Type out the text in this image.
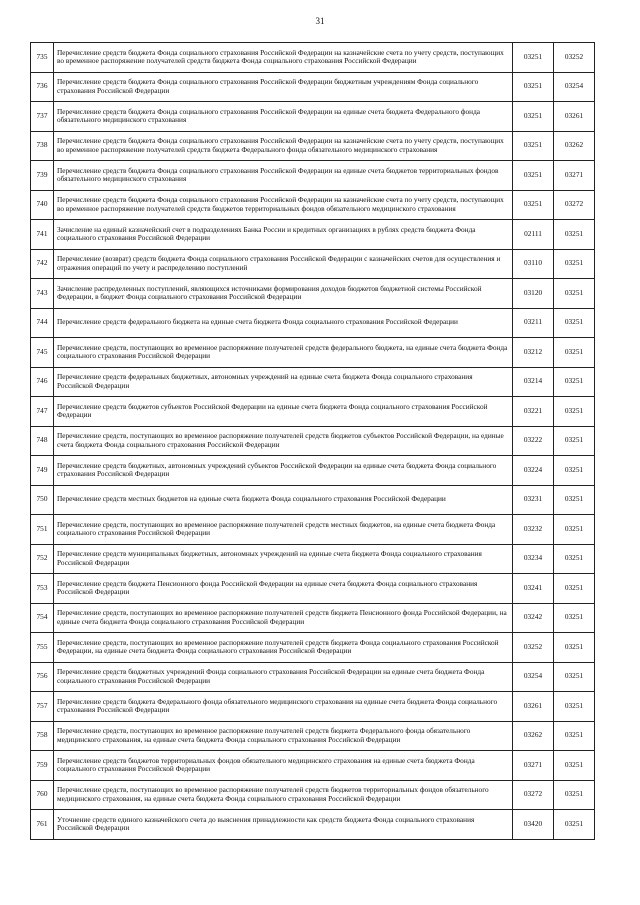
31
735	Перечисление средств бюджета Фонда социального страхования Российской Федерации на казначейские счета по учету средств, поступающих во временное распоряжение получателей средств бюджета Фонда социального страхования Российской Федерации	03251	03252
736	Перечисление средств бюджета Фонда социального страхования Российской Федерации бюджетным учреждениям Фонда социального страхования Российской Федерации	03251	03254
737	Перечисление средств бюджета Фонда социального страхования Российской Федерации на единые счета бюджета Федерального фонда обязательного медицинского страхования	03251	03261
738	Перечисление средств бюджета Фонда социального страхования Российской Федерации на казначейские счета по учету средств, поступающих во временное распоряжение получателей средств бюджета Федерального фонда обязательного медицинского страхования	03251	03262
739	Перечисление средств бюджета Фонда социального страхования Российской Федерации на единые счета бюджетов территориальных фондов обязательного медицинского страхования	03251	03271
740	Перечисление средств бюджета Фонда социального страхования Российской Федерации на казначейские счета по учету средств, поступающих во временное распоряжение получателей средств бюджетов территориальных фондов обязательного медицинского страхования	03251	03272
741	Зачисление на единый казначейский счет в подразделениях Банка России и кредитных организациях в рублях средств бюджета Фонда социального страхования Российской Федерации	02111	03251
742	Перечисление (возврат) средств бюджета Фонда социального страхования Российской Федерации с казначейских счетов для осуществления и отражения операций по учету и распределению поступлений	03110	03251
743	Зачисление распределенных поступлений, являющихся источниками формирования доходов бюджетов бюджетной системы Российской Федерации, в бюджет Фонда социального страхования Российской Федерации	03120	03251
744	Перечисление средств федерального бюджета на единые счета бюджета Фонда социального страхования Российской Федерации	03211	03251
745	Перечисление средств, поступающих во временное распоряжение получателей средств федерального бюджета, на единые счета бюджета Фонда социального страхования Российской Федерации	03212	03251
746	Перечисление средств федеральных бюджетных, автономных учреждений на единые счета бюджета Фонда социального страхования Российской Федерации	03214	03251
747	Перечисление средств бюджетов субъектов Российской Федерации на единые счета бюджета Фонда социального страхования Российской Федерации	03221	03251
748	Перечисление средств, поступающих во временное распоряжение получателей средств бюджетов субъектов Российской Федерации, на единые счета бюджета Фонда социального страхования Российской Федерации	03222	03251
749	Перечисление средств бюджетных, автономных учреждений субъектов Российской Федерации на единые счета бюджета Фонда социального страхования Российской Федерации	03224	03251
750	Перечисление средств местных бюджетов на единые счета бюджета Фонда социального страхования Российской Федерации	03231	03251
751	Перечисление средств, поступающих во временное распоряжение получателей средств местных бюджетов, на единые счета бюджета Фонда социального страхования Российской Федерации	03232	03251
752	Перечисление средств муниципальных бюджетных, автономных учреждений на единые счета бюджета Фонда социального страхования Российской Федерации	03234	03251
753	Перечисление средств бюджета Пенсионного фонда Российской Федерации на единые счета бюджета Фонда социального страхования Российской Федерации	03241	03251
754	Перечисление средств, поступающих во временное распоряжение получателей средств бюджета Пенсионного фонда Российской Федерации, на единые счета бюджета Фонда социального страхования Российской Федерации	03242	03251
755	Перечисление средств, поступающих во временное распоряжение получателей средств бюджета Фонда социального страхования Российской Федерации, на единые счета бюджета Фонда социального страхования Российской Федерации	03252	03251
756	Перечисление средств бюджетных учреждений Фонда социального страхования Российской Федерации на единые счета бюджета Фонда социального страхования Российской Федерации	03254	03251
757	Перечисление средств бюджета Федерального фонда обязательного медицинского страхования на единые счета бюджета Фонда социального страхования Российской Федерации	03261	03251
758	Перечисление средств, поступающих во временное распоряжение получателей средств бюджета Федерального фонда обязательного медицинского страхования, на единые счета бюджета Фонда социального страхования Российской Федерации	03262	03251
759	Перечисление средств бюджетов территориальных фондов обязательного медицинского страхования на единые счета бюджета Фонда социального страхования Российской Федерации	03271	03251
760	Перечисление средств, поступающих во временное распоряжение получателей средств бюджетов территориальных фондов обязательного медицинского страхования, на единые счета бюджета Фонда социального страхования Российской Федерации	03272	03251
761	Уточнение средств единого казначейского счета до выяснения принадлежности как средств бюджета Фонда социального страхования Российской Федерации	03420	03251
